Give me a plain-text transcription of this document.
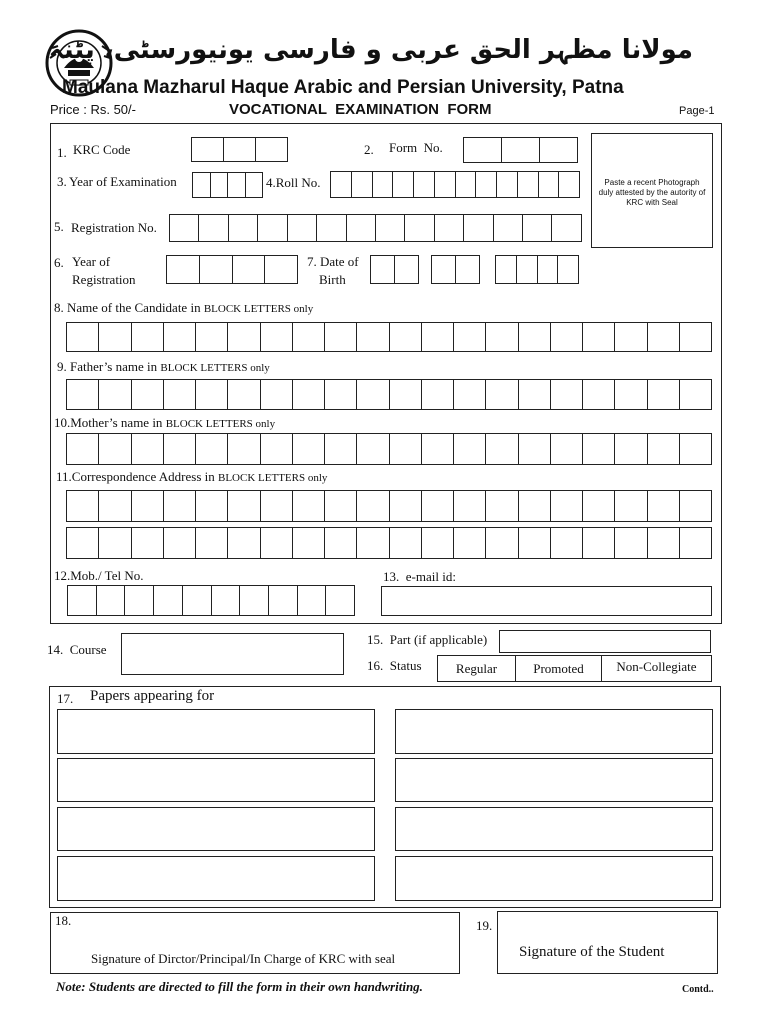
مولانا مظہر الحق عربی و فارسی یونیورسٹی، پٹنہ
Maulana Mazharul Haque Arabic and Persian University, Patna
Price : Rs. 50/-	VOCATIONAL  EXAMINATION  FORM	Page-1
Paste a recent Photograph duly attested by the autority of KRC with Seal
1. KRC Code	2. Form  No.
3. Year of Examination	4.Roll No.
5. Registration No.
6. Year of
Registration
7. Date of
Birth
8. Name of the Candidate in BLOCK LETTERS only
9. Father’s name in BLOCK LETTERS only
10.Mother’s name in BLOCK LETTERS only
11.Correspondence Address in BLOCK LETTERS only
12.Mob./ Tel No.	13. e-mail id:
14. Course
15. Part (if applicable)
16. Status	Regular	Promoted	Non-Collegiate
17. Papers appearing for
18.
Signature of Dirctor/Principal/In Charge of KRC with seal
19.
Signature of the Student
Note: Students are directed to fill the form in their own handwriting.	Contd..
